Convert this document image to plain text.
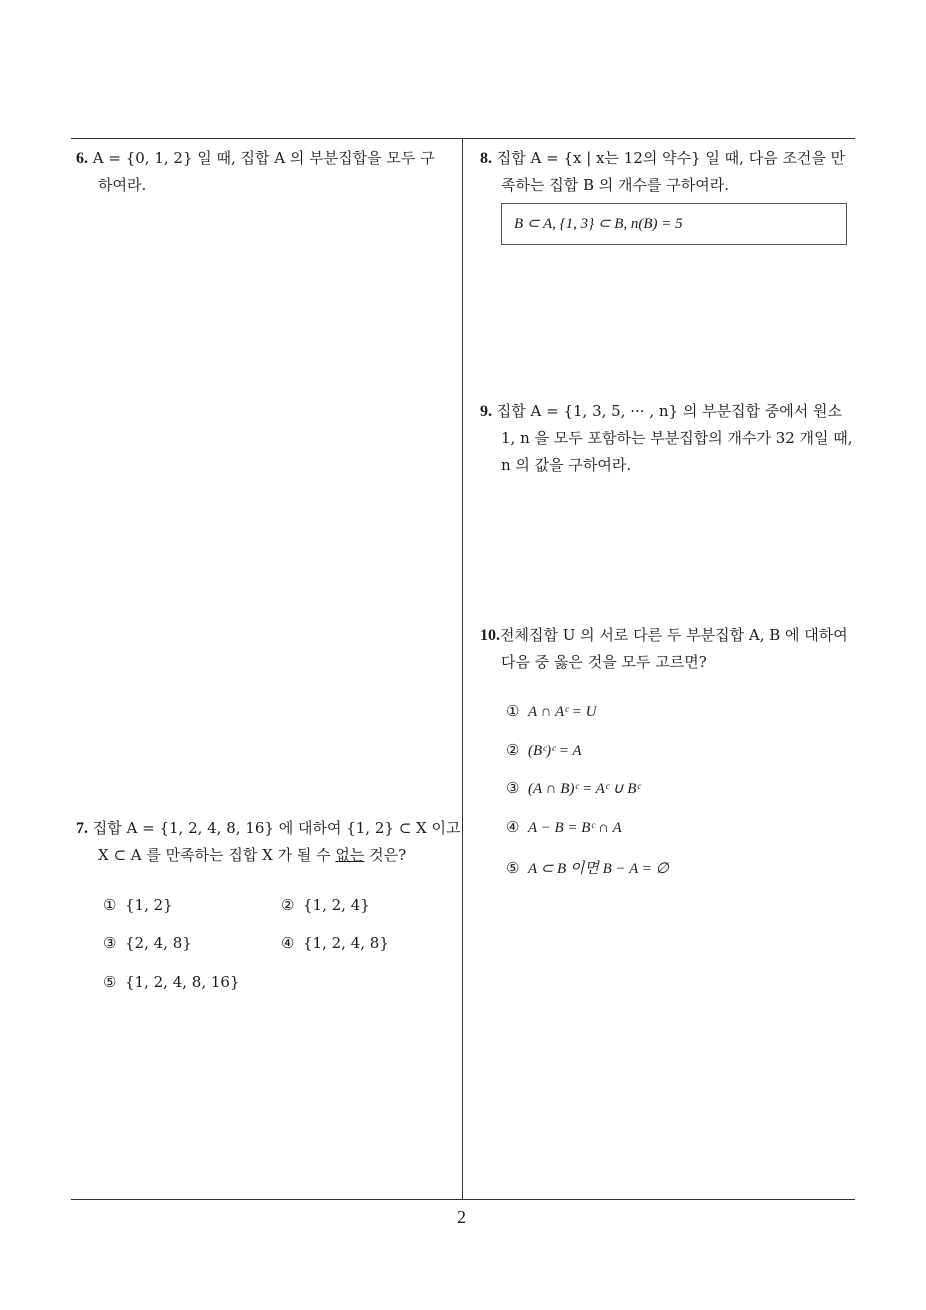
6. A = {0, 1, 2} 일 때, 집합 A 의 부분집합을 모두 구
하여라.
8. 집합 A = {x | x는 12의 약수} 일 때, 다음 조건을 만
족하는 집합 B 의 개수를 구하여라.
B ⊂ A, {1, 3} ⊂ B, n(B) = 5
9. 집합 A = {1, 3, 5, ··· , n} 의 부분집합 중에서 원소
1, n 을 모두 포함하는 부분집합의 개수가 32 개일 때,
n 의 값을 구하여라.
10.전체집합 U 의 서로 다른 두 부분집합 A, B 에 대하여
다음 중 옳은 것을 모두 고르면?
① A ∩ Aᶜ = U
② (Bᶜ)ᶜ = A
③ (A ∩ B)ᶜ = Aᶜ ∪ Bᶜ
④ A − B = Bᶜ ∩ A
⑤ A ⊂ B 이면 B − A = ∅
7. 집합 A = {1, 2, 4, 8, 16} 에 대하여 {1, 2} ⊂ X 이고
X ⊂ A 를 만족하는 집합 X 가 될 수 없는 것은?
① {1, 2}	② {1, 2, 4}
③ {2, 4, 8}	④ {1, 2, 4, 8}
⑤ {1, 2, 4, 8, 16}
2
